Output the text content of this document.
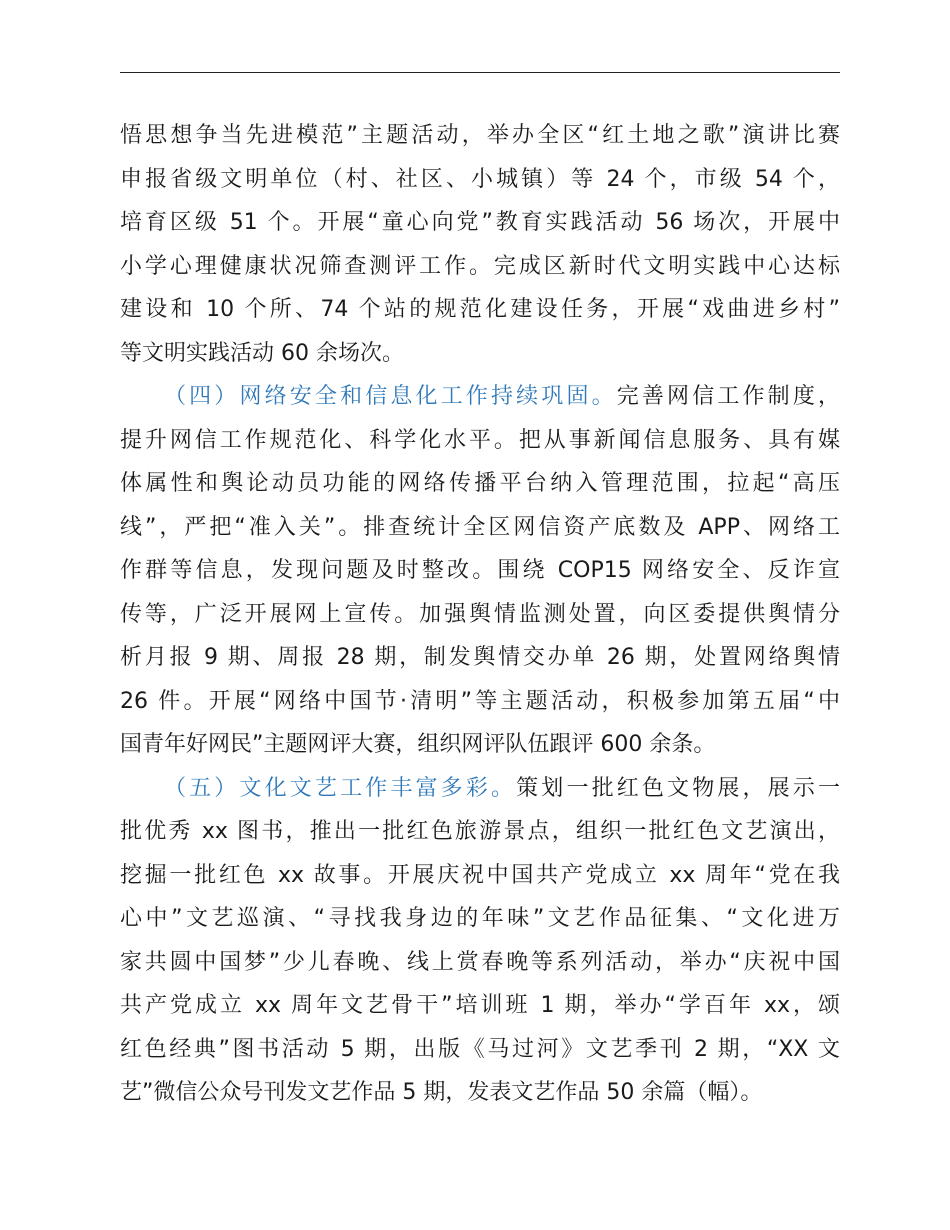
悟思想争当先进模范”主题活动，举办全区“红土地之歌”演讲比赛
申报省级文明单位（村、社区、小城镇）等 24 个，市级 54 个，
培育区级 51 个。开展“童心向党”教育实践活动 56 场次，开展中
小学心理健康状况筛查测评工作。完成区新时代文明实践中心达标
建设和 10 个所、74 个站的规范化建设任务，开展“戏曲进乡村”
等文明实践活动 60 余场次。
（四）网络安全和信息化工作持续巩固。完善网信工作制度，
提升网信工作规范化、科学化水平。把从事新闻信息服务、具有媒
体属性和舆论动员功能的网络传播平台纳入管理范围，拉起“高压
线”，严把“准入关”。排查统计全区网信资产底数及 APP、网络工
作群等信息，发现问题及时整改。围绕 COP15 网络安全、反诈宣
传等，广泛开展网上宣传。加强舆情监测处置，向区委提供舆情分
析月报 9 期、周报 28 期，制发舆情交办单 26 期，处置网络舆情
26 件。开展“网络中国节·清明”等主题活动，积极参加第五届“中
国青年好网民”主题网评大赛，组织网评队伍跟评 600 余条。
（五）文化文艺工作丰富多彩。策划一批红色文物展，展示一
批优秀 xx 图书，推出一批红色旅游景点，组织一批红色文艺演出，
挖掘一批红色 xx 故事。开展庆祝中国共产党成立 xx 周年“党在我
心中”文艺巡演、“寻找我身边的年味”文艺作品征集、“文化进万
家共圆中国梦”少儿春晚、线上赏春晚等系列活动，举办“庆祝中国
共产党成立 xx 周年文艺骨干”培训班 1 期，举办“学百年 xx，颂
红色经典”图书活动 5 期，出版《马过河》文艺季刊 2 期，“XX 文
艺”微信公众号刊发文艺作品 5 期，发表文艺作品 50 余篇（幅）。
